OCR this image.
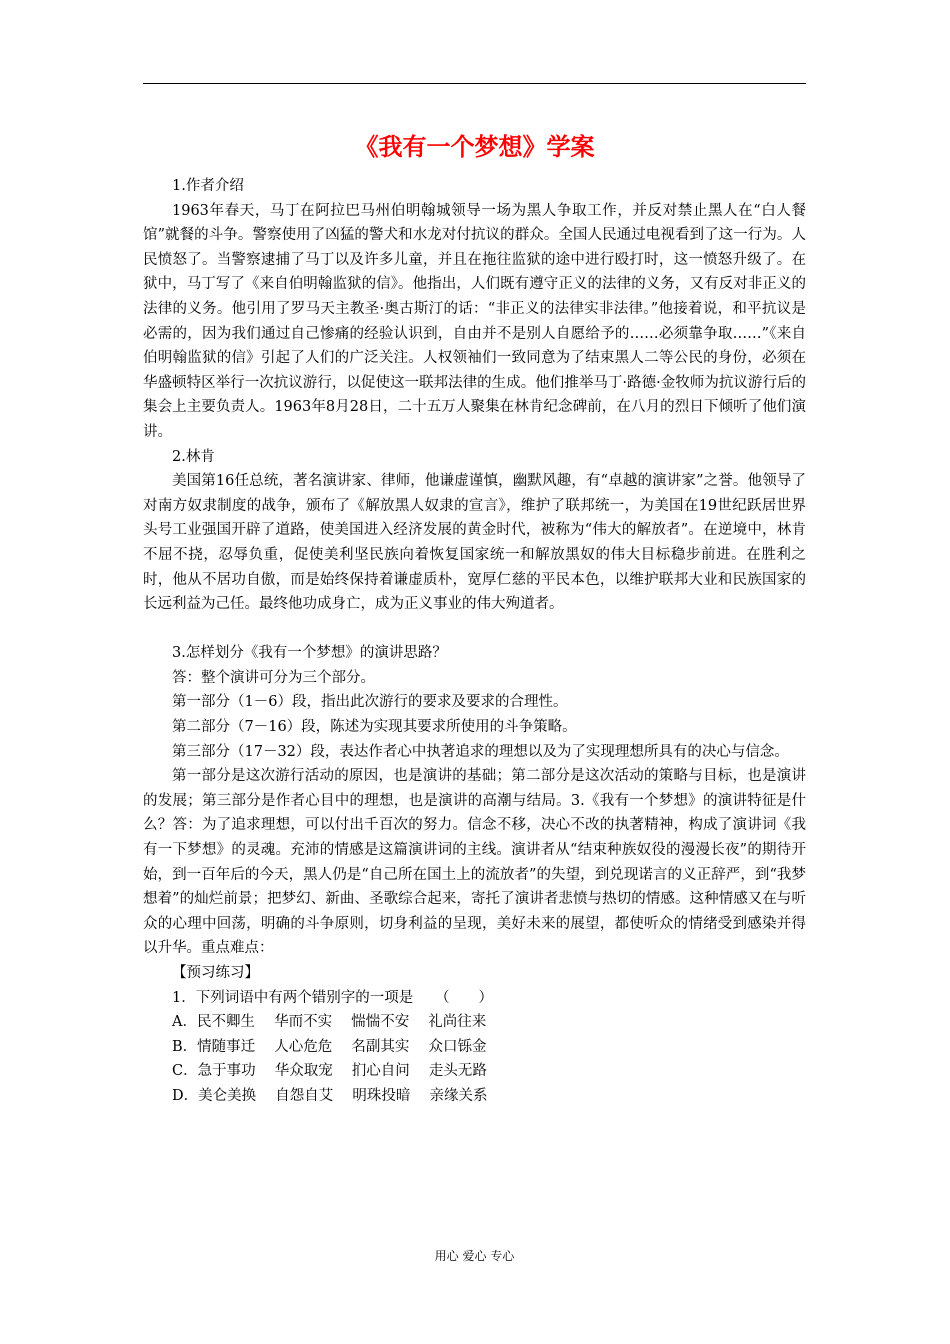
《我有一个梦想》学案

1.作者介绍

1963年春天，马丁在阿拉巴马州伯明翰城领导一场为黑人争取工作，并反对禁止黑人在“白人餐馆”就餐的斗争。警察使用了凶猛的警犬和水龙对付抗议的群众。全国人民通过电视看到了这一行为。人民愤怒了。当警察逮捕了马丁以及许多儿童，并且在拖往监狱的途中进行殴打时，这一愤怒升级了。在狱中，马丁写了《来自伯明翰监狱的信》。他指出，人们既有遵守正义的法律的义务，又有反对非正义的法律的义务。他引用了罗马天主教圣·奥古斯汀的话：“非正义的法律实非法律。”他接着说，和平抗议是必需的，因为我们通过自己惨痛的经验认识到，自由并不是别人自愿给予的……必须靠争取……”《来自伯明翰监狱的信》引起了人们的广泛关注。人权领袖们一致同意为了结束黑人二等公民的身份，必须在华盛顿特区举行一次抗议游行，以促使这一联邦法律的生成。他们推举马丁·路德·金牧师为抗议游行后的集会上主要负责人。1963年8月28日，二十五万人聚集在林肯纪念碑前，在八月的烈日下倾听了他们演讲。

2.林肯

美国第16任总统，著名演讲家、律师，他谦虚谨慎，幽默风趣，有“卓越的演讲家”之誉。他领导了对南方奴隶制度的战争，颁布了《解放黑人奴隶的宣言》，维护了联邦统一，为美国在19世纪跃居世界头号工业强国开辟了道路，使美国进入经济发展的黄金时代，被称为“伟大的解放者”。在逆境中，林肯不屈不挠，忍辱负重，促使美利坚民族向着恢复国家统一和解放黑奴的伟大目标稳步前进。在胜利之时，他从不居功自傲，而是始终保持着谦虚质朴，宽厚仁慈的平民本色，以维护联邦大业和民族国家的长远利益为己任。最终他功成身亡，成为正义事业的伟大殉道者。

3.怎样划分《我有一个梦想》的演讲思路？

答：整个演讲可分为三个部分。

第一部分（1－6）段，指出此次游行的要求及要求的合理性。

第二部分（7－16）段，陈述为实现其要求所使用的斗争策略。

第三部分（17－32）段，表达作者心中执著追求的理想以及为了实现理想所具有的决心与信念。

第一部分是这次游行活动的原因，也是演讲的基础；第二部分是这次活动的策略与目标，也是演讲的发展；第三部分是作者心目中的理想，也是演讲的高潮与结局。3.《我有一个梦想》的演讲特征是什么？答：为了追求理想，可以付出千百次的努力。信念不移，决心不改的执著精神，构成了演讲词《我有一下梦想》的灵魂。充沛的情感是这篇演讲词的主线。演讲者从“结束种族奴役的漫漫长夜”的期待开始，到一百年后的今天，黑人仍是“自己所在国土上的流放者”的失望，到兑现诺言的义正辞严，到“我梦想着”的灿烂前景；把梦幻、新曲、圣歌综合起来，寄托了演讲者悲愤与热切的情感。这种情感又在与听众的心理中回荡，明确的斗争原则，切身利益的呈现，美好未来的展望，都使听众的情绪受到感染并得以升华。重点难点：

【预习练习】

1．下列词语中有两个错别字的一项是　　（　　）

A．民不卿生　 华而不实　 惴惴不安　 礼尚往来

B．情随事迁　 人心危危　 名副其实　 众口铄金

C．急于事功　 华众取宠　 扪心自问　 走头无路

D．美仑美换　 自怨自艾　 明珠投暗　 亲缘关系

用心 爱心 专心
